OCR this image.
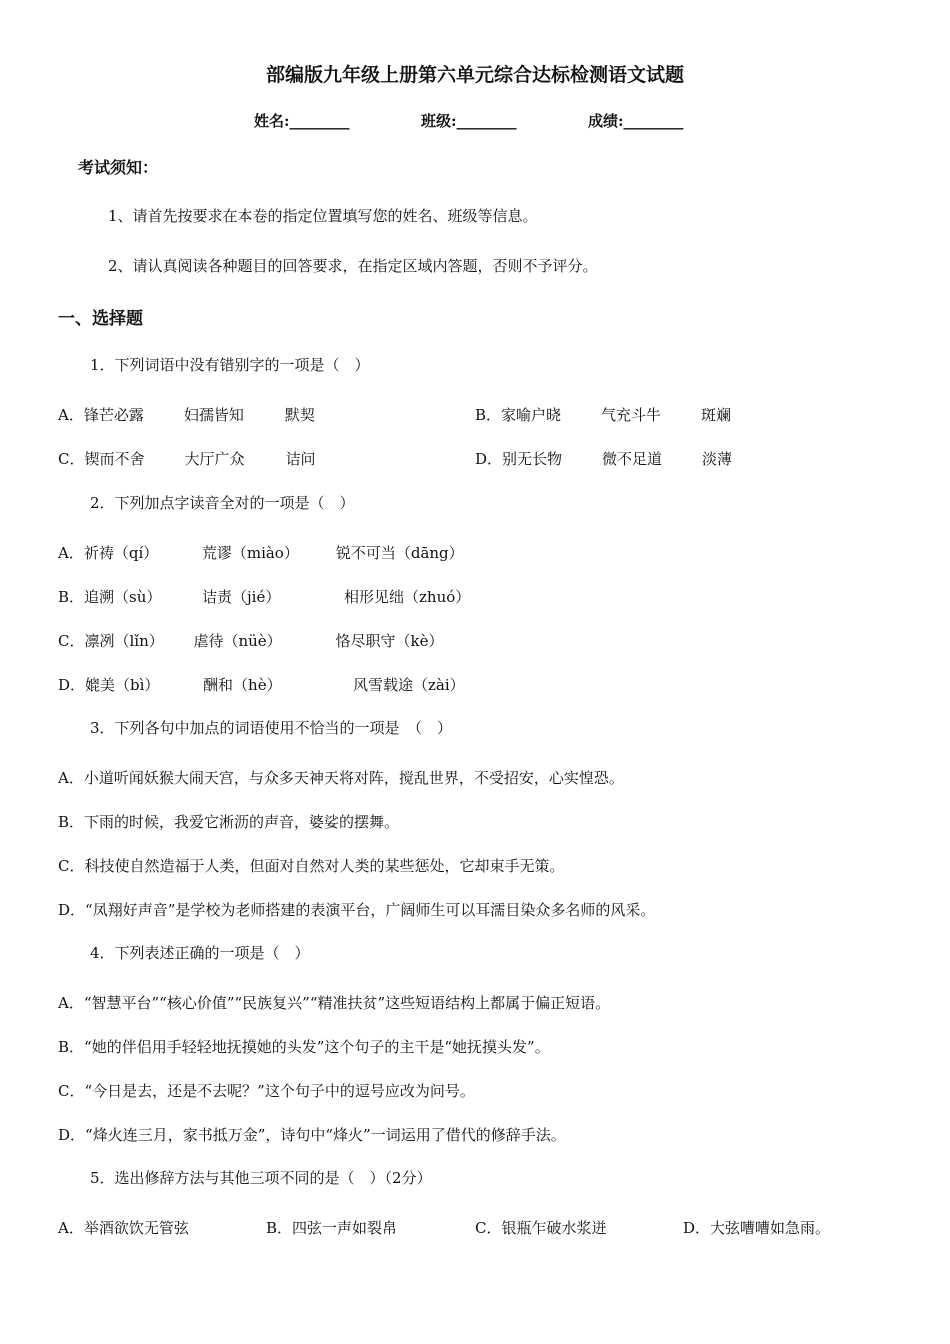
部编版九年级上册第六单元综合达标检测语文试题
姓名:________	班级:________	成绩:________
考试须知：
1、请首先按要求在本卷的指定位置填写您的姓名、班级等信息。
2、请认真阅读各种题目的回答要求，在指定区域内答题，否则不予评分。
一、选择题
1．下列词语中没有错别字的一项是（　）
A．锋芒必露	妇孺皆知	默契	B．家喻户晓	气充斗牛	斑斓
C．锲而不舍	大厅广众	诘问	D．别无长物	微不足道	淡薄
2．下列加点字读音全对的一项是（　）
A．祈祷（qí）	荒谬（miào） 锐不可当（dāng）
B．追溯（sù）	诘责（jié）	相形见绌（zhuó）
C．凛冽（lǐn） 虐待（nüè）	恪尽职守（kè）
D．媲美（bì）	酬和（hè）	风雪载途（zài）
3．下列各句中加点的词语使用不恰当的一项是　（　）
A．小道听闻妖猴大闹天宫，与众多天神天将对阵，搅乱世界，不受招安，心实惶恐。
B．下雨的时候，我爱它淅沥的声音，婆娑的摆舞。
C．科技使自然造福于人类，但面对自然对人类的某些惩处，它却束手无策。
D．“凤翔好声音”是学校为老师搭建的表演平台，广阔师生可以耳濡目染众多名师的风采。
4．下列表述正确的一项是（　）
A．“智慧平台”“核心价值”“民族复兴”“精准扶贫”这些短语结构上都属于偏正短语。
B．“她的伴侣用手轻轻地抚摸她的头发”这个句子的主干是“她抚摸头发”。
C．“今日是去，还是不去呢？”这个句子中的逗号应改为问号。
D．“烽火连三月，家书抵万金”，诗句中“烽火”一词运用了借代的修辞手法。
5．选出修辞方法与其他三项不同的是（　）（2分）
A．举酒欲饮无管弦	B．四弦一声如裂帛	C．银瓶乍破水浆迸	D．大弦嘈嘈如急雨。
